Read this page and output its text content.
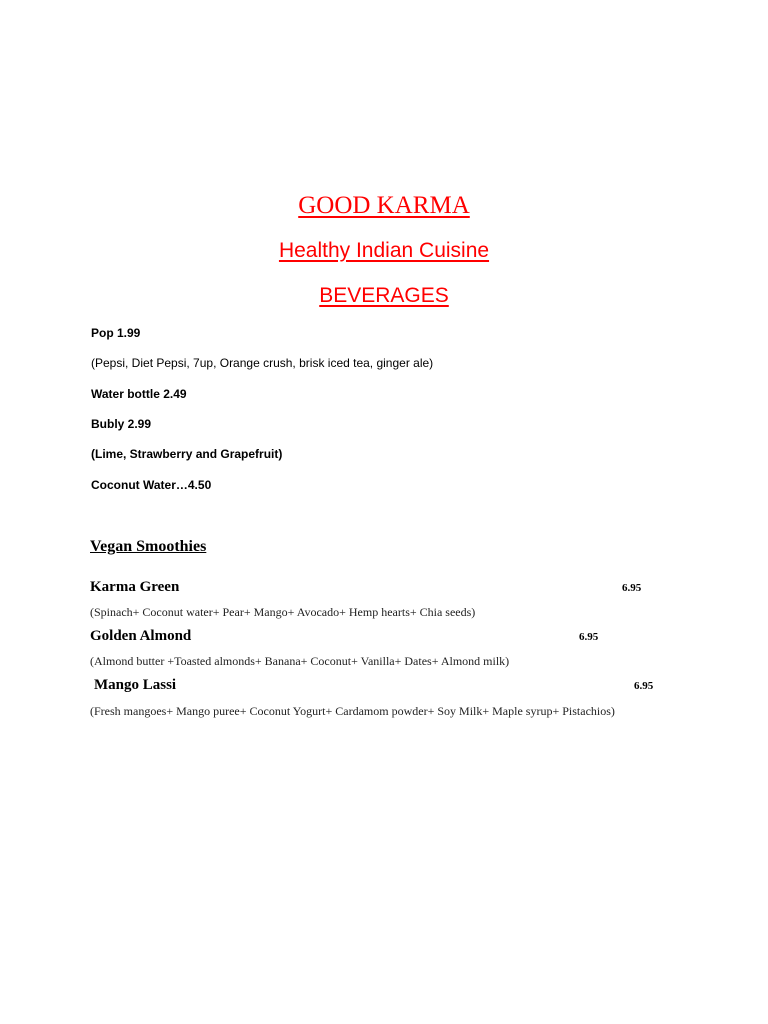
GOOD KARMA
Healthy Indian Cuisine
BEVERAGES
Pop 1.99
(Pepsi, Diet Pepsi, 7up, Orange crush, brisk iced tea, ginger ale)
Water bottle 2.49
Bubly 2.99
(Lime, Strawberry and Grapefruit)
Coconut Water…4.50
Vegan Smoothies
Karma Green	6.95
(Spinach+ Coconut water+ Pear+ Mango+ Avocado+ Hemp hearts+ Chia seeds)
Golden Almond	6.95
(Almond butter +Toasted almonds+ Banana+ Coconut+ Vanilla+ Dates+ Almond milk)
Mango Lassi	6.95
(Fresh mangoes+ Mango puree+ Coconut Yogurt+ Cardamom powder+ Soy Milk+ Maple syrup+ Pistachios)
